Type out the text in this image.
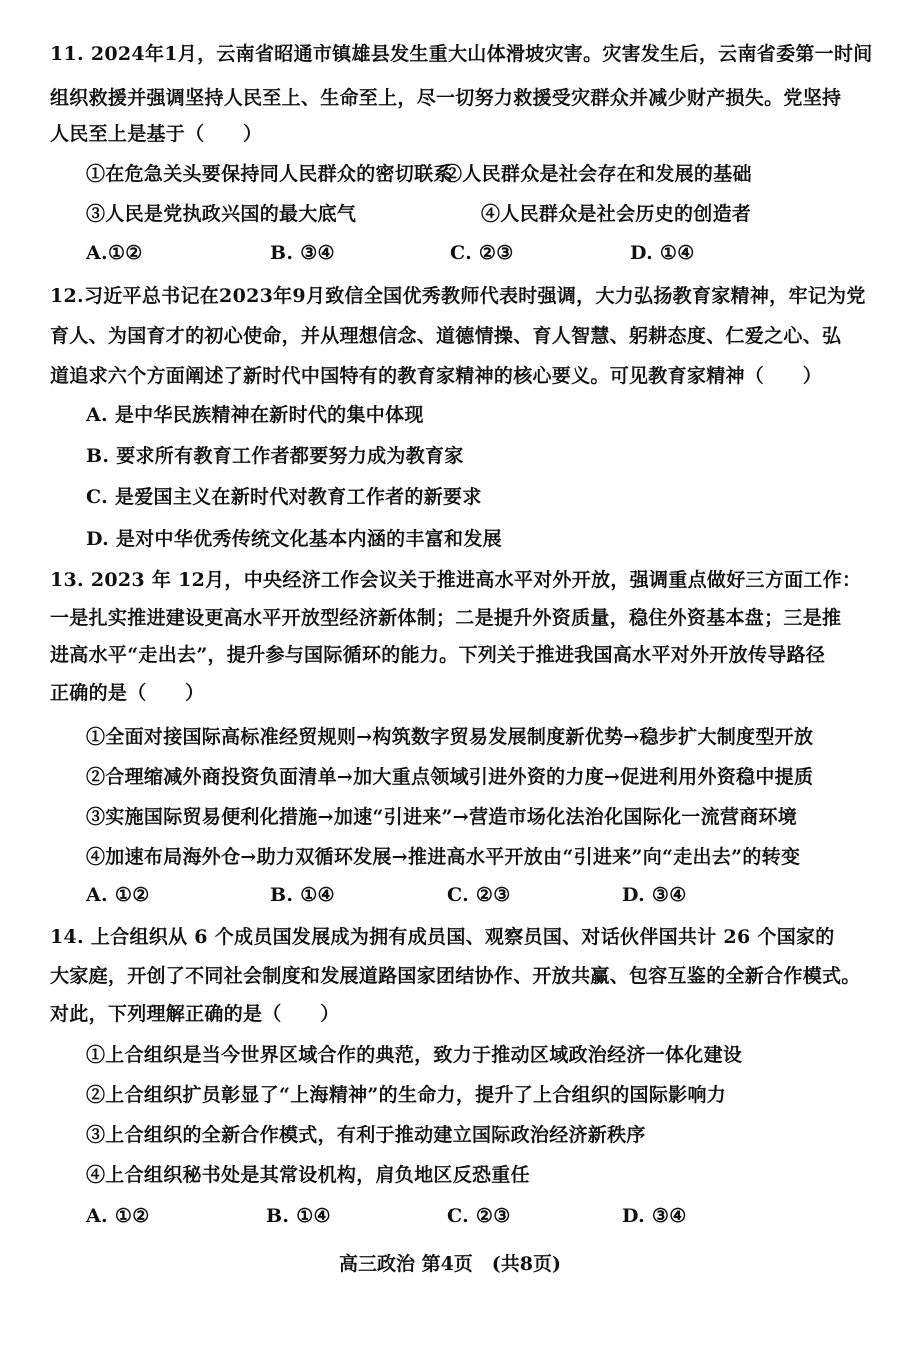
11. 2024年1月，云南省昭通市镇雄县发生重大山体滑坡灾害。灾害发生后，云南省委第一时间
组织救援并强调坚持人民至上、生命至上，尽一切努力救援受灾群众并减少财产损失。党坚持
人民至上是基于（　　）
①在危急关头要保持同人民群众的密切联系
②人民群众是社会存在和发展的基础
③人民是党执政兴国的最大底气	④人民群众是社会历史的创造者
A.①②	B. ③④	C. ②③	D. ①④
12.习近平总书记在2023年9月致信全国优秀教师代表时强调，大力弘扬教育家精神，牢记为党
育人、为国育才的初心使命，并从理想信念、道德情操、育人智慧、躬耕态度、仁爱之心、弘
道追求六个方面阐述了新时代中国特有的教育家精神的核心要义。可见教育家精神（　　）
A. 是中华民族精神在新时代的集中体现
B. 要求所有教育工作者都要努力成为教育家
C. 是爱国主义在新时代对教育工作者的新要求
D. 是对中华优秀传统文化基本内涵的丰富和发展
13. 2023 年 12月，中央经济工作会议关于推进高水平对外开放，强调重点做好三方面工作：
一是扎实推进建设更高水平开放型经济新体制；二是提升外资质量，稳住外资基本盘；三是推
进高水平“走出去”，提升参与国际循环的能力。下列关于推进我国高水平对外开放传导路径
正确的是（　　）
①全面对接国际高标准经贸规则→构筑数字贸易发展制度新优势→稳步扩大制度型开放
②合理缩减外商投资负面清单→加大重点领域引进外资的力度→促进利用外资稳中提质
③实施国际贸易便利化措施→加速“引进来”→营造市场化法治化国际化一流营商环境
④加速布局海外仓→助力双循环发展→推进高水平开放由“引进来”向“走出去”的转变
A. ①②	B. ①④	C. ②③	D. ③④
14. 上合组织从 6 个成员国发展成为拥有成员国、观察员国、对话伙伴国共计 26 个国家的
大家庭，开创了不同社会制度和发展道路国家团结协作、开放共赢、包容互鉴的全新合作模式。
对此，下列理解正确的是（　　）
①上合组织是当今世界区域合作的典范，致力于推动区域政治经济一体化建设
②上合组织扩员彰显了“上海精神”的生命力，提升了上合组织的国际影响力
③上合组织的全新合作模式，有利于推动建立国际政治经济新秩序
④上合组织秘书处是其常设机构，肩负地区反恐重任
A. ①②	B. ①④	C. ②③	D. ③④
高三政治 第4页　(共8页)
